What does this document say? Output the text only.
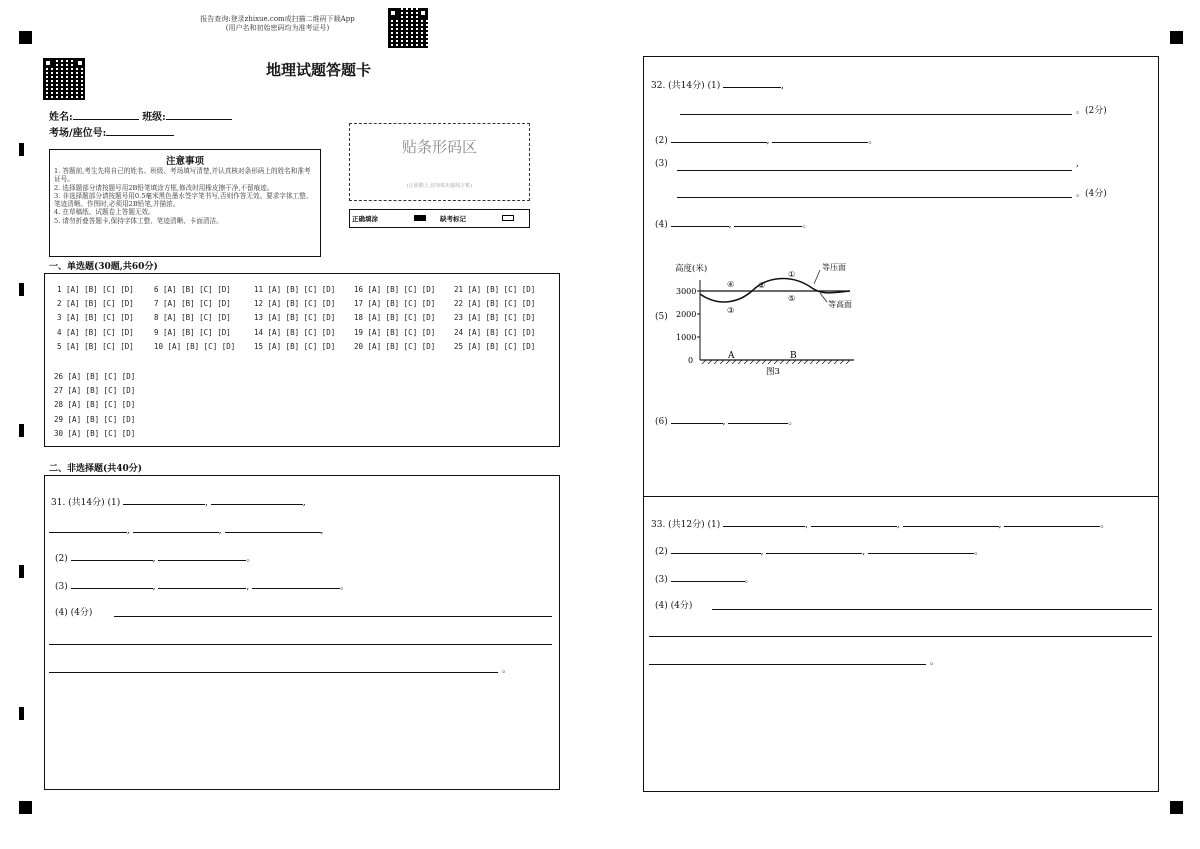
报告查询:登录zhixue.com或扫描二维码下载App
(用户名和初始密码均为准考证号)
地理试题答题卡
姓名:	班级:
考场/座位号:
注意事项
1. 答题前,考生先将自己的姓名、班级、考场填写清楚,并认真核对条形码上的姓名和准考证号。
2. 选择题部分请按题号用2B铅笔填涂方框,修改时用橡皮擦干净,不留痕迹。
3. 非选择题部分请按题号用0.5毫米黑色墨水签字笔书写,否则作答无效。要求字体工整、笔迹清晰。作图时,必须用2B铅笔,并描浓。
4. 在草稿纸、试题卷上答题无效。
5. 请勿折叠答题卡,保持字体工整、笔迹清晰、卡面清洁。
贴条形码区
(正面朝上,切勿贴出虚线方框)
正确填涂	缺考标记
一、单选题(30题,共60分)
1 [A] [B] [C] [D]
2 [A] [B] [C] [D]
3 [A] [B] [C] [D]
4 [A] [B] [C] [D]
5 [A] [B] [C] [D]
6 [A] [B] [C] [D]
7 [A] [B] [C] [D]
8 [A] [B] [C] [D]
9 [A] [B] [C] [D]
10 [A] [B] [C] [D]
11 [A] [B] [C] [D]
12 [A] [B] [C] [D]
13 [A] [B] [C] [D]
14 [A] [B] [C] [D]
15 [A] [B] [C] [D]
16 [A] [B] [C] [D]
17 [A] [B] [C] [D]
18 [A] [B] [C] [D]
19 [A] [B] [C] [D]
20 [A] [B] [C] [D]
21 [A] [B] [C] [D]
22 [A] [B] [C] [D]
23 [A] [B] [C] [D]
24 [A] [B] [C] [D]
25 [A] [B] [C] [D]
26 [A] [B] [C] [D]
27 [A] [B] [C] [D]
28 [A] [B] [C] [D]
29 [A] [B] [C] [D]
30 [A] [B] [C] [D]
二、非选择题(共40分)
31. (共14分) (1)	,	,
,	,	,
(2)	,	。
(3)	,	,	。
(4) (4分)
。
32. (共14分) (1)	,
。(2分)
(2)	,	。
(3)	,
。(4分)
(4)	,	。
(5)
高度(米)
3000
2000
1000
0
等压面
等高面
①
②
③
④
⑤
A	B
图3
(6)	,	。
33. (共12分) (1)	,	,	,	。
(2)	,	,	。
(3)	。
(4) (4分)
。
